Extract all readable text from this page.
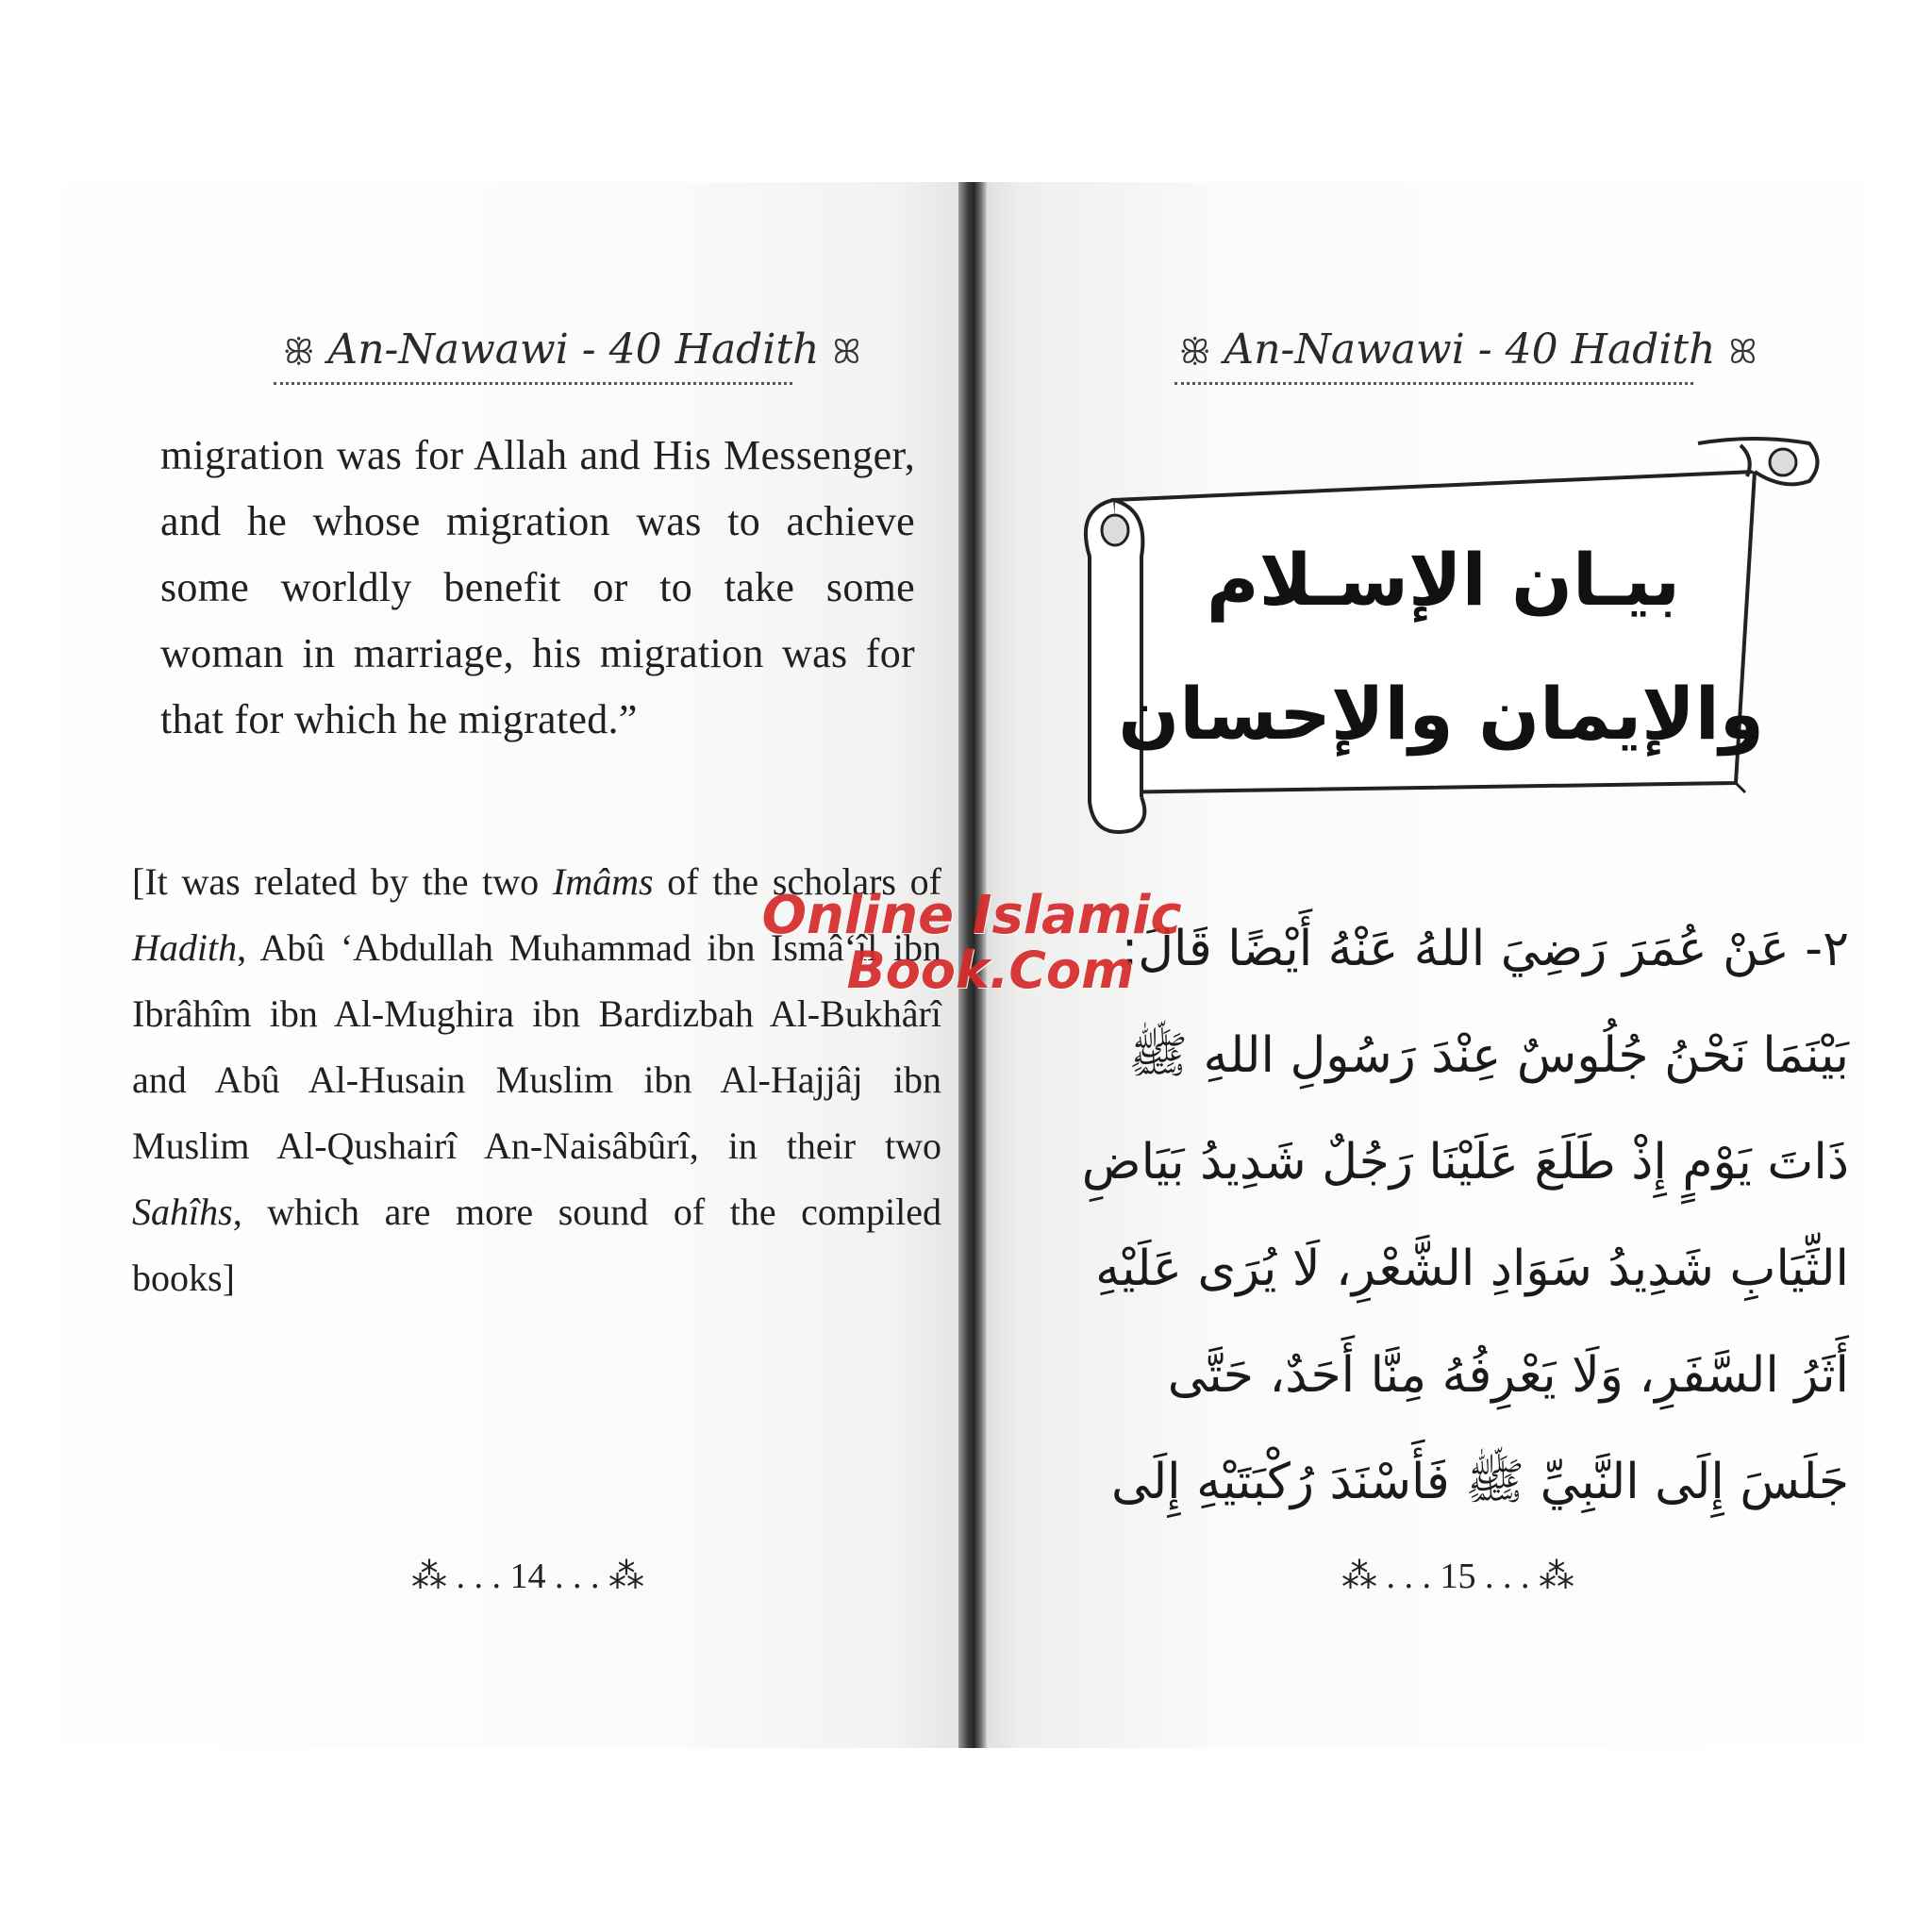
ꕥ An-Nawawi - 40 Hadith ꕤ
migration was for Allah and His Messenger, and he whose migration was to achieve some worldly benefit or to take some woman in marriage, his migration was for that for which he migrated.”
[It was related by the two Imâms of the scholars of Hadith, Abû ‘Abdullah Muhammad ibn Ismâ‘îl ibn Ibrâhîm ibn Al-Mughira ibn Bardizbah Al-Bukhârî and Abû Al-Husain Muslim ibn Al-Hajjâj ibn Muslim Al-Qushairî An-Naisâbûrî, in their two Sahîhs, which are more sound of the compiled books]
⁂ . . . 14 . . . ⁂
ꕥ An-Nawawi - 40 Hadith ꕤ
بيـان الإسـلام
والإيمان والإحسان
٢- عَنْ عُمَرَ رَضِيَ اللهُ عَنْهُ أَيْضًا قَالَ:
بَيْنَمَا نَحْنُ جُلُوسٌ عِنْدَ رَسُولِ اللهِ ﷺ
ذَاتَ يَوْمٍ إِذْ طَلَعَ عَلَيْنَا رَجُلٌ شَدِيدُ بَيَاضِ
الثِّيَابِ شَدِيدُ سَوَادِ الشَّعْرِ، لَا يُرَى عَلَيْهِ
أَثَرُ السَّفَرِ، وَلَا يَعْرِفُهُ مِنَّا أَحَدٌ، حَتَّى
جَلَسَ إِلَى النَّبِيِّ ﷺ فَأَسْنَدَ رُكْبَتَيْهِ إِلَى
⁂ . . . 15 . . . ⁂
Online Islamic
Book.Com
